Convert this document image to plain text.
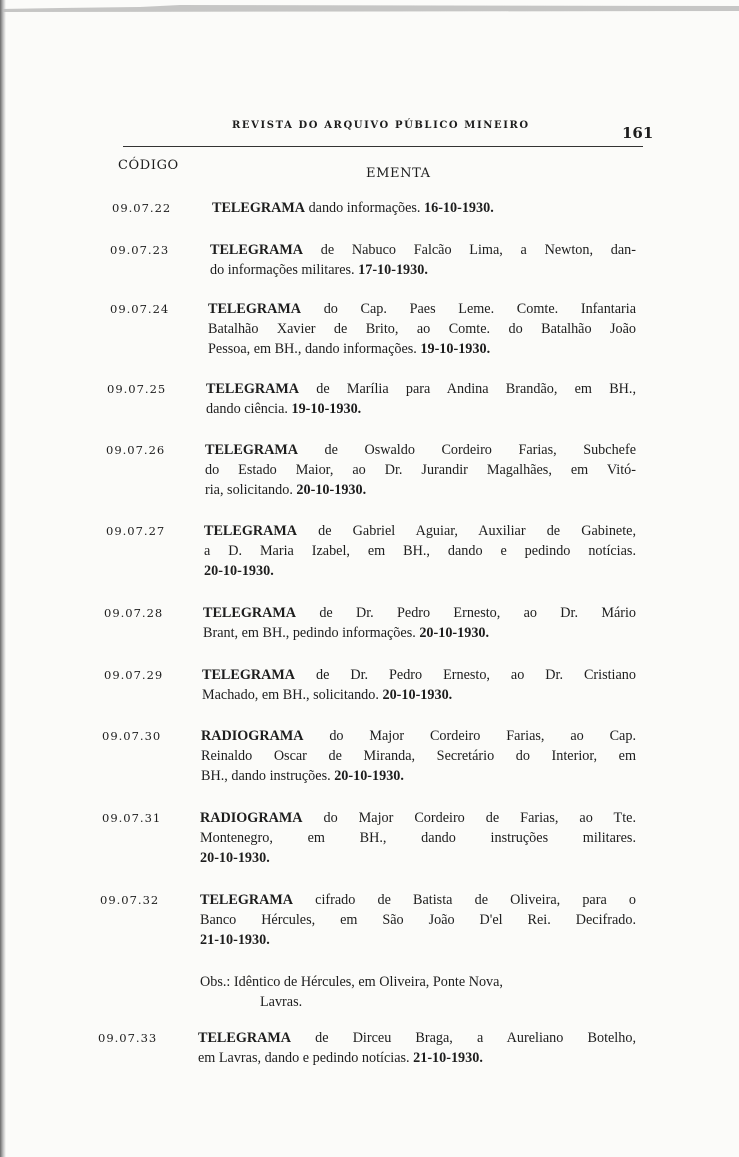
REVISTA DO ARQUIVO PÚBLICO MINEIRO	161
CÓDIGO
EMENTA
09.07.22	TELEGRAMA dando informações. 16-10-1930.
09.07.23	TELEGRAMA de Nabuco Falcão Lima, a Newton, dan-
do informações militares. 17-10-1930.
09.07.24	TELEGRAMA do Cap. Paes Leme. Comte. Infantaria
Batalhão Xavier de Brito, ao Comte. do Batalhão João
Pessoa, em BH., dando informações. 19-10-1930.
09.07.25	TELEGRAMA de Marília para Andina Brandão, em BH.,
dando ciência. 19-10-1930.
09.07.26	TELEGRAMA de Oswaldo Cordeiro Farias, Subchefe
do Estado Maior, ao Dr. Jurandir Magalhães, em Vitó-
ria, solicitando. 20-10-1930.
09.07.27	TELEGRAMA de Gabriel Aguiar, Auxiliar de Gabinete,
a D. Maria Izabel, em BH., dando e pedindo notícias.
20-10-1930.
09.07.28	TELEGRAMA de Dr. Pedro Ernesto, ao Dr. Mário
Brant, em BH., pedindo informações. 20-10-1930.
09.07.29	TELEGRAMA de Dr. Pedro Ernesto, ao Dr. Cristiano
Machado, em BH., solicitando. 20-10-1930.
09.07.30	RADIOGRAMA do Major Cordeiro Farias, ao Cap.
Reinaldo Oscar de Miranda, Secretário do Interior, em
BH., dando instruções. 20-10-1930.
09.07.31	RADIOGRAMA do Major Cordeiro de Farias, ao Tte.
Montenegro, em BH., dando instruções militares.
20-10-1930.
09.07.32	TELEGRAMA cifrado de Batista de Oliveira, para o
Banco Hércules, em São João D'el Rei. Decifrado.
21-10-1930.
09.07.33	TELEGRAMA de Dirceu Braga, a Aureliano Botelho,
em Lavras, dando e pedindo notícias. 21-10-1930.
Obs.: Idêntico de Hércules, em Oliveira, Ponte Nova,
Lavras.
